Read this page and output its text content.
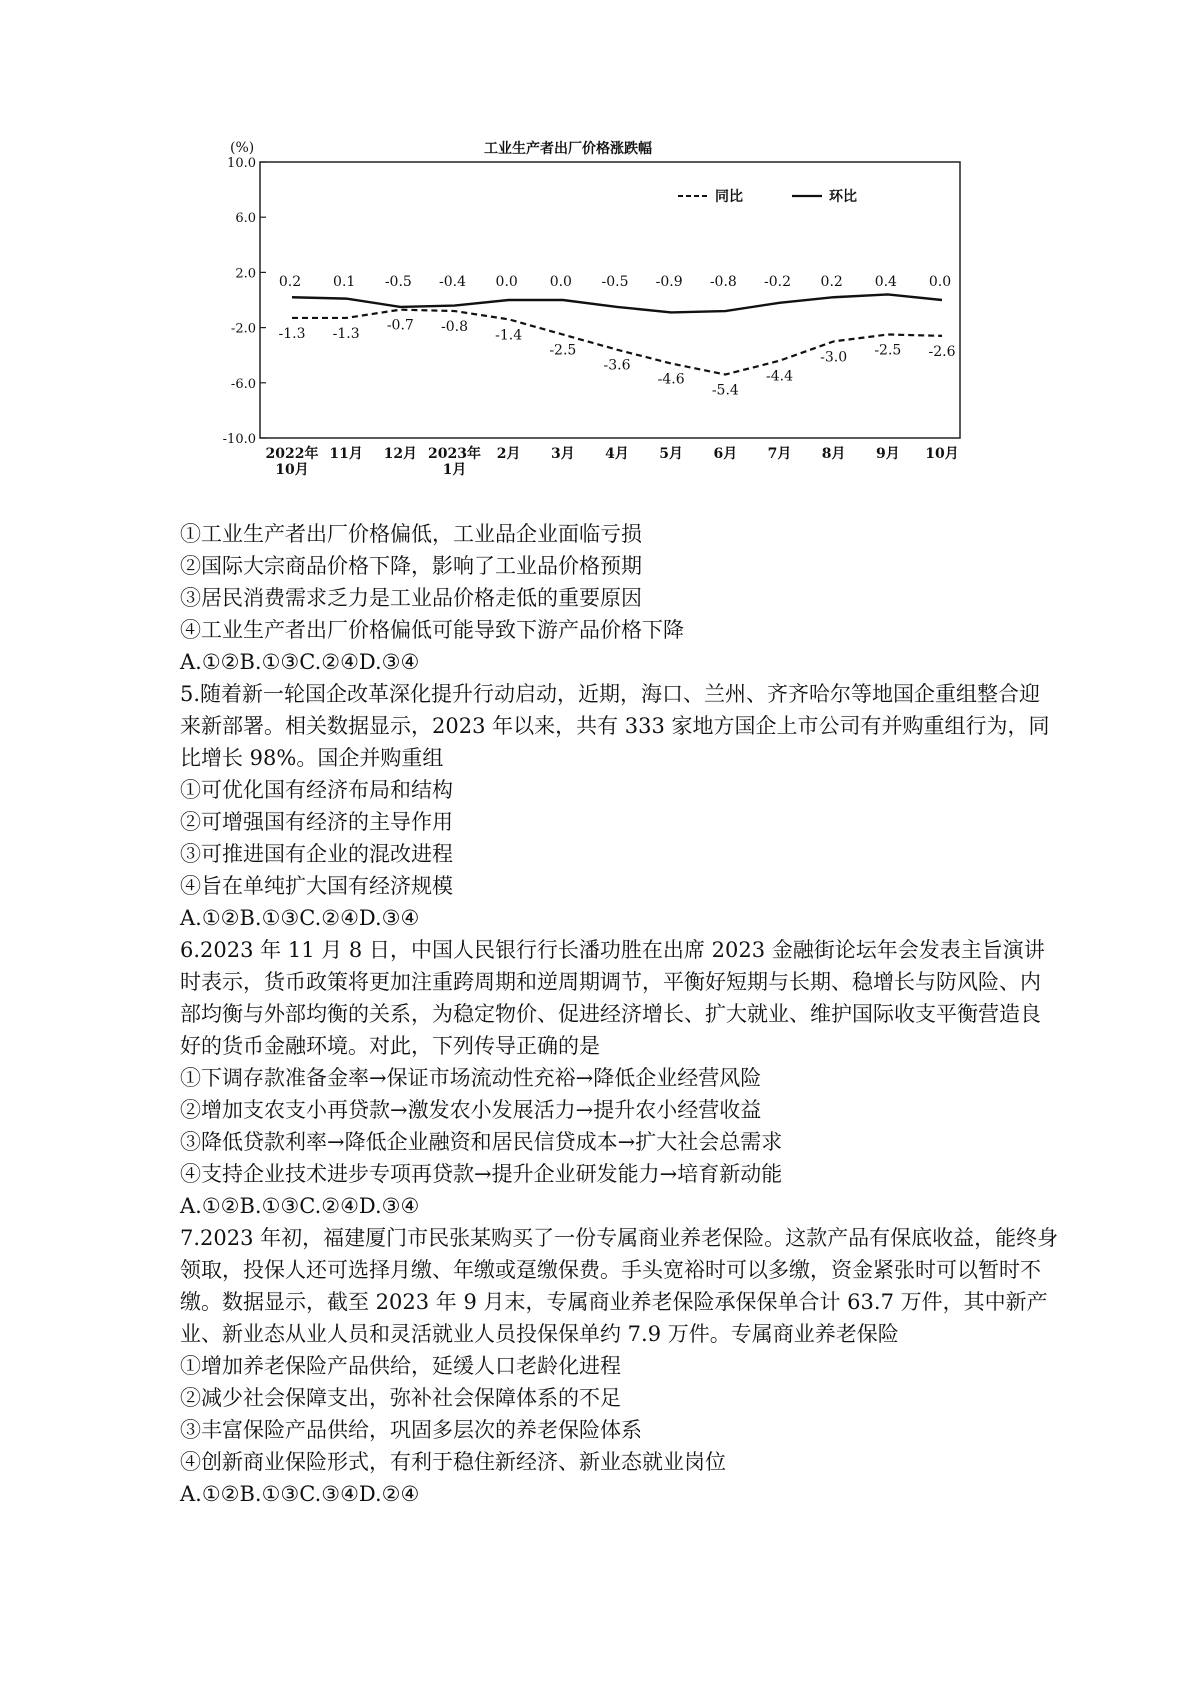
(%)	工业生产者出厂价格涨跌幅
10.0
6.0
2.0
-2.0
-6.0
-10.0
2022年
10月
11月 12月 2023年
1月
2月 3月 4月 5月 6月 7月 8月 9月 10月
-1.3 -1.3
-0.7 -0.8
-1.4
-2.5
-3.6
-4.6
-5.4
-4.4
-3.0 -2.5 -2.6
0.2 0.1 -0.5 -0.4 0.0 0.0 -0.5 -0.9 -0.8 -0.2 0.2 0.4 0.0
同比	环比

①工业生产者出厂价格偏低，工业品企业面临亏损

②国际大宗商品价格下降，影响了工业品价格预期

③居民消费需求乏力是工业品价格走低的重要原因

④工业生产者出厂价格偏低可能导致下游产品价格下降

A.①②B.①③C.②④D.③④

5.随着新一轮国企改革深化提升行动启动，近期，海口、兰州、齐齐哈尔等地国企重组整合迎来新部署。相关数据显示，2023 年以来，共有 333 家地方国企上市公司有并购重组行为，同比增长 98%。国企并购重组

①可优化国有经济布局和结构

②可增强国有经济的主导作用

③可推进国有企业的混改进程

④旨在单纯扩大国有经济规模

A.①②B.①③C.②④D.③④

6.2023 年 11 月 8 日，中国人民银行行长潘功胜在出席 2023 金融街论坛年会发表主旨演讲时表示，货币政策将更加注重跨周期和逆周期调节，平衡好短期与长期、稳增长与防风险、内部均衡与外部均衡的关系，为稳定物价、促进经济增长、扩大就业、维护国际收支平衡营造良好的货币金融环境。对此，下列传导正确的是

①下调存款准备金率→保证市场流动性充裕→降低企业经营风险

②增加支农支小再贷款→激发农小发展活力→提升农小经营收益

③降低贷款利率→降低企业融资和居民信贷成本→扩大社会总需求

④支持企业技术进步专项再贷款→提升企业研发能力→培育新动能

A.①②B.①③C.②④D.③④

7.2023 年初，福建厦门市民张某购买了一份专属商业养老保险。这款产品有保底收益，能终身领取，投保人还可选择月缴、年缴或趸缴保费。手头宽裕时可以多缴，资金紧张时可以暂时不缴。数据显示，截至 2023 年 9 月末，专属商业养老保险承保保单合计 63.7 万件，其中新产业、新业态从业人员和灵活就业人员投保保单约 7.9 万件。专属商业养老保险

①增加养老保险产品供给，延缓人口老龄化进程

②减少社会保障支出，弥补社会保障体系的不足

③丰富保险产品供给，巩固多层次的养老保险体系

④创新商业保险形式，有利于稳住新经济、新业态就业岗位

A.①②B.①③C.③④D.②④
